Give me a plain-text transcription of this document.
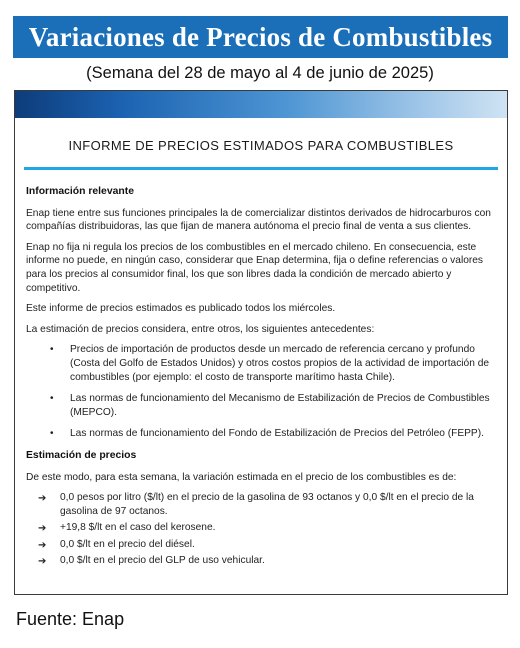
Variaciones de Precios de Combustibles
(Semana del 28 de mayo al 4 de junio de 2025)
INFORME DE PRECIOS ESTIMADOS PARA COMBUSTIBLES
Información relevante

Enap tiene entre sus funciones principales la de comercializar distintos derivados de hidrocarburos con compañías distribuidoras, las que fijan de manera autónoma el precio final de venta a sus clientes.

Enap no fija ni regula los precios de los combustibles en el mercado chileno. En consecuencia, este informe no puede, en ningún caso, considerar que Enap determina, fija o define referencias o valores para los precios al consumidor final, los que son libres dada la condición de mercado abierto y competitivo.

Este informe de precios estimados es publicado todos los miércoles.

La estimación de precios considera, entre otros, los siguientes antecedentes:

• Precios de importación de productos desde un mercado de referencia cercano y profundo (Costa del Golfo de Estados Unidos) y otros costos propios de la actividad de importación de combustibles (por ejemplo: el costo de transporte marítimo hasta Chile).
• Las normas de funcionamiento del Mecanismo de Estabilización de Precios de Combustibles (MEPCO).
• Las normas de funcionamiento del Fondo de Estabilización de Precios del Petróleo (FEPP).
Estimación de precios

De este modo, para esta semana, la variación estimada en el precio de los combustibles es de:

➔ 0,0 pesos por litro ($/lt) en el precio de la gasolina de 93 octanos y 0,0 $/lt en el precio de la gasolina de 97 octanos.
➔ +19,8 $/lt en el caso del kerosene.
➔ 0,0 $/lt en el precio del diésel.
➔ 0,0 $/lt en el precio del GLP de uso vehicular.
Fuente: Enap
